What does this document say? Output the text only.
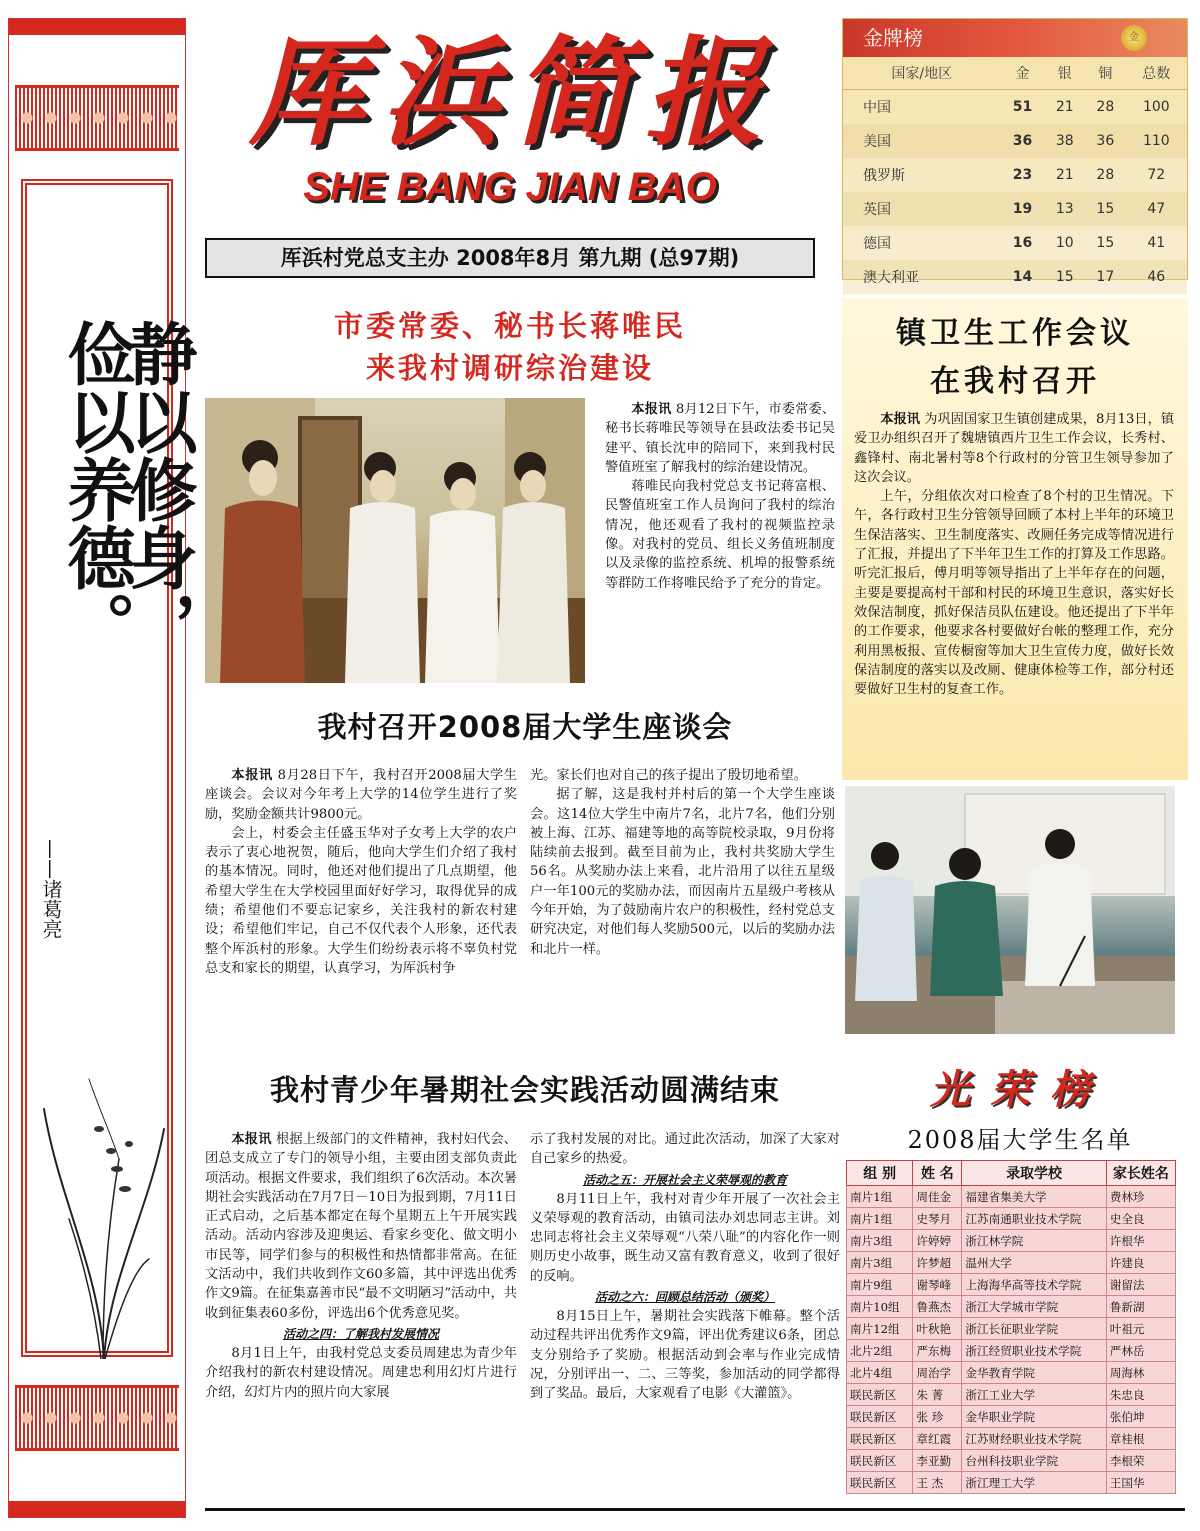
静以修身，
俭以养德。
——诸葛亮
厍浜简报
SHE BANG JIAN BAO
厍浜村党总支主办 2008年8月 第九期 (总97期)
金牌榜	金
国家/地区	金	银	铜	总数
中国	51	21	28	100
美国	36	38	36	110
俄罗斯	23	21	28	72
英国	19	13	15	47
德国	16	10	15	41
澳大利亚	14	15	17	46
市委常委、秘书长蒋唯民
来我村调研综治建设

本报讯 8月12日下午，市委常委、秘书长蒋唯民等领导在县政法委书记吴建平、镇长沈申的陪同下，来到我村民警值班室了解我村的综治建设情况。

蒋唯民向我村党总支书记蒋富根、民警值班室工作人员询问了我村的综治情况，他还观看了我村的视频监控录像。对我村的党员、组长义务值班制度以及录像的监控系统、机埠的报警系统等群防工作将唯民给予了充分的肯定。

我村召开2008届大学生座谈会

本报讯 8月28日下午，我村召开2008届大学生座谈会。会议对今年考上大学的14位学生进行了奖励，奖励金额共计9800元。

会上，村委会主任盛玉华对子女考上大学的农户表示了衷心地祝贺，随后，他向大学生们介绍了我村的基本情况。同时，他还对他们提出了几点期望，他希望大学生在大学校园里面好好学习，取得优异的成绩；希望他们不要忘记家乡，关注我村的新农村建设；希望他们牢记，自己不仅代表个人形象，还代表整个厍浜村的形象。大学生们纷纷表示将不辜负村党总支和家长的期望，认真学习，为厍浜村争

光。家长们也对自己的孩子提出了殷切地希望。

据了解，这是我村并村后的第一个大学生座谈会。这14位大学生中南片7名，北片7名，他们分别被上海、江苏、福建等地的高等院校录取，9月份将陆续前去报到。截至目前为止，我村共奖励大学生56名。从奖励办法上来看，北片沿用了以往五星级户一年100元的奖励办法，而因南片五星级户考核从今年开始，为了鼓励南片农户的积极性，经村党总支研究决定，对他们每人奖励500元，以后的奖励办法和北片一样。

我村青少年暑期社会实践活动圆满结束

本报讯 根据上级部门的文件精神，我村妇代会、团总支成立了专门的领导小组，主要由团支部负责此项活动。根据文件要求，我们组织了6次活动。本次暑期社会实践活动在7月7日－10日为报到期，7月11日正式启动，之后基本都定在每个星期五上午开展实践活动。活动内容涉及迎奥运、看家乡变化、做文明小市民等，同学们参与的积极性和热情都非常高。在征文活动中，我们共收到作文60多篇，其中评选出优秀作文9篇。在征集嘉善市民“最不文明陋习”活动中，共收到征集表60多份，评选出6个优秀意见奖。

活动之四：了解我村发展情况

8月1日上午，由我村党总支委员周建忠为青少年介绍我村的新农村建设情况。周建忠利用幻灯片进行介绍，幻灯片内的照片向大家展

示了我村发展的对比。通过此次活动，加深了大家对自己家乡的热爱。

活动之五：开展社会主义荣辱观的教育

8月11日上午，我村对青少年开展了一次社会主义荣辱观的教育活动，由镇司法办刘忠同志主讲。刘忠同志将社会主义荣辱观“八荣八耻”的内容化作一则则历史小故事，既生动又富有教育意义，收到了很好的反响。

活动之六：回顾总结活动（颁奖）

8月15日上午，暑期社会实践落下帷幕。整个活动过程共评出优秀作文9篇，评出优秀建议6条，团总支分别给予了奖励。根据活动到会率与作业完成情况，分别评出一、二、三等奖，参加活动的同学都得到了奖品。最后，大家观看了电影《大灌篮》。

镇卫生工作会议
在我村召开

本报讯 为巩固国家卫生镇创建成果，8月13日，镇爱卫办组织召开了魏塘镇西片卫生工作会议，长秀村、鑫锋村、南北暑村等8个行政村的分管卫生领导参加了这次会议。

上午，分组依次对口检查了8个村的卫生情况。下午，各行政村卫生分管领导回顾了本村上半年的环境卫生保洁落实、卫生制度落实、改厕任务完成等情况进行了汇报，并提出了下半年卫生工作的打算及工作思路。听完汇报后，傅月明等领导指出了上半年存在的问题，主要是要提高村干部和村民的环境卫生意识，落实好长效保洁制度，抓好保洁员队伍建设。他还提出了下半年的工作要求，他要求各村要做好台帐的整理工作，充分利用黑板报、宣传橱窗等加大卫生宣传力度，做好长效保洁制度的落实以及改厕、健康体检等工作，部分村还要做好卫生村的复查工作。

光荣榜
2008届大学生名单
组 别	姓 名	录取学校	家长姓名
南片1组	周佳金	福建省集美大学	费林珍
南片1组	史琴月	江苏南通职业技术学院	史全良
南片3组	许婷婷	浙江林学院	许根华
南片3组	许梦超	温州大学	许建良
南片9组	谢琴峰	上海海华高等技术学院	谢留法
南片10组	鲁燕杰	浙江大学城市学院	鲁新湖
南片12组	叶秋艳	浙江长征职业学院	叶祖元
北片2组	严东梅	浙江经贸职业技术学院	严林岳
北片4组	周治学	金华教育学院	周海林
联民新区	朱 菁	浙江工业大学	朱忠良
联民新区	张 珍	金华职业学院	张伯坤
联民新区	章红霞	江苏财经职业技术学院	章桂根
联民新区	李亚勤	台州科技职业学院	李根荣
联民新区	王 杰	浙江理工大学	王国华
